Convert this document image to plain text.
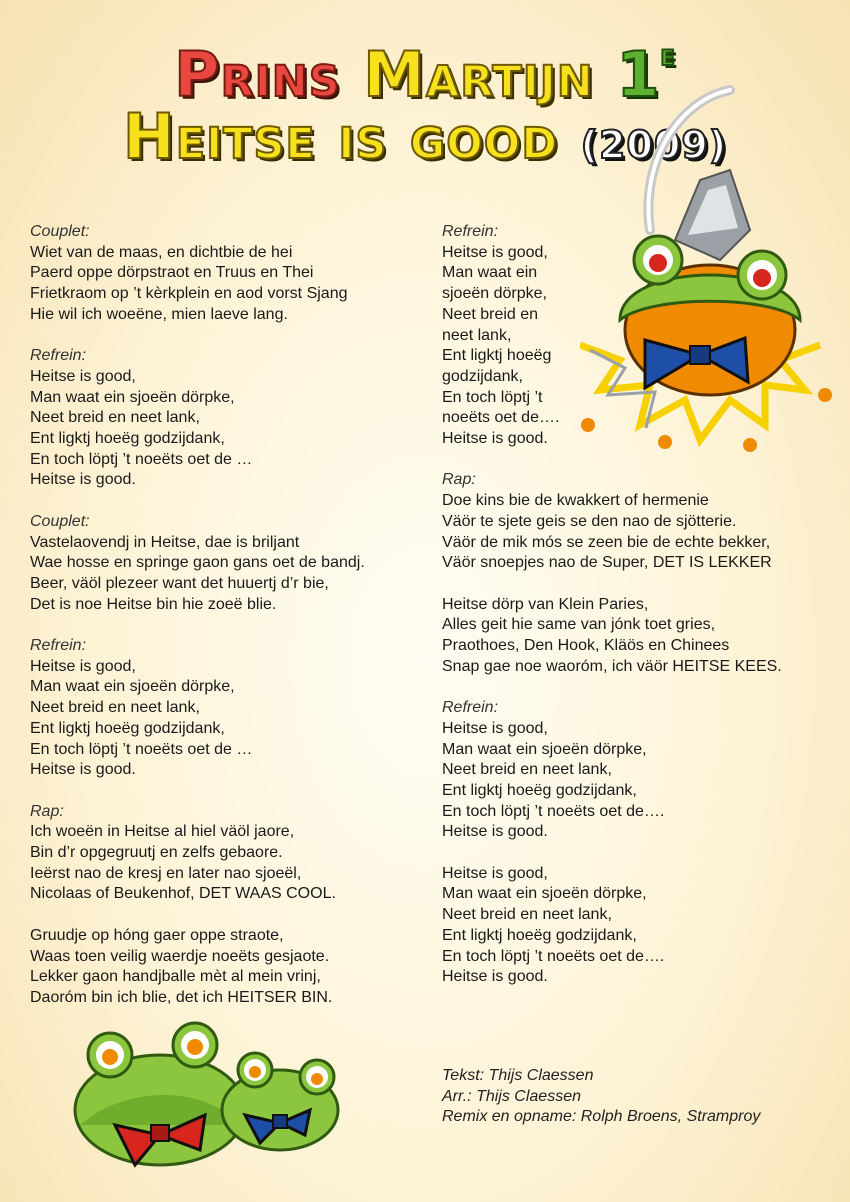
Prins Martijn 1e
Heitse is good (2009)
Couplet:
Wiet van de maas, en dichtbie de hei
Paerd oppe dörpstraot en Truus en Thei
Frietkraom op ’t kèrkplein en aod vorst Sjang
Hie wil ich woeëne, mien laeve lang.
Refrein:
Heitse is good,
Man waat ein sjoeën dörpke,
Neet breid en neet lank,
Ent ligktj hoeëg godzijdank,
En toch löptj ’t noeëts oet de …
Heitse is good.
Couplet:
Vastelaovendj in Heitse, dae is briljant
Wae hosse en springe gaon gans oet de bandj.
Beer, väöl plezeer want det huuertj d’r bie,
Det is noe Heitse bin hie zoeë blie.
Refrein:
Heitse is good,
Man waat ein sjoeën dörpke,
Neet breid en neet lank,
Ent ligktj hoeëg godzijdank,
En toch löptj ’t noeëts oet de …
Heitse is good.
Rap:
Ich woeën in Heitse al hiel väöl jaore,
Bin d’r opgegruutj en zelfs gebaore.
Ieërst nao de kresj en later nao sjoeël,
Nicolaas of Beukenhof, DET WAAS COOL.
Gruudje op hóng gaer oppe straote,
Waas toen veilig waerdje noeëts gesjaote.
Lekker gaon handjballe mèt al mein vrinj,
Daoróm bin ich blie, det ich HEITSER BIN.
Refrein:
Heitse is good,
Man waat ein
sjoeën dörpke,
Neet breid en
neet lank,
Ent ligktj hoeëg
godzijdank,
En toch löptj ’t
noeëts oet de….
Heitse is good.
Rap:
Doe kins bie de kwakkert of hermenie
Väör te sjete geis se den nao de sjötterie.
Väör de mik mós se zeen bie de echte bekker,
Väör snoepjes nao de Super, DET IS LEKKER
Heitse dörp van Klein Paries,
Alles geit hie same van jónk toet gries,
Praothoes, Den Hook, Kläös en Chinees
Snap gae noe waoróm, ich väör HEITSE KEES.
Refrein:
Heitse is good,
Man waat ein sjoeën dörpke,
Neet breid en neet lank,
Ent ligktj hoeëg godzijdank,
En toch löptj ’t noeëts oet de….
Heitse is good.
Heitse is good,
Man waat ein sjoeën dörpke,
Neet breid en neet lank,
Ent ligktj hoeëg godzijdank,
En toch löptj ’t noeëts oet de….
Heitse is good.
Tekst: Thijs Claessen
Arr.: Thijs Claessen
Remix en opname: Rolph Broens, Stramproy
